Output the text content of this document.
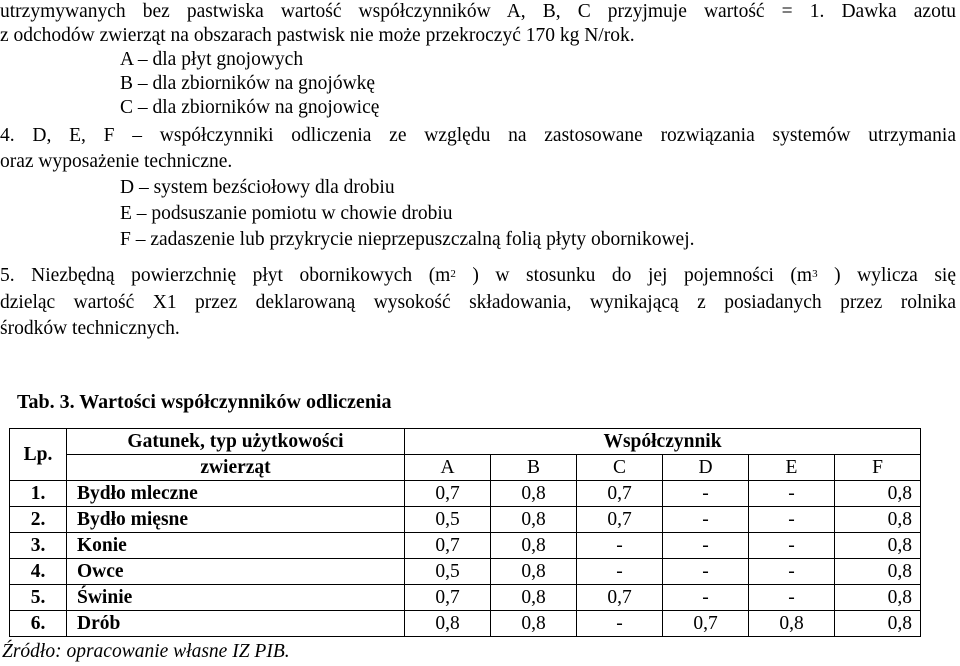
utrzymywanych bez pastwiska wartość współczynników A, B, C przyjmuje wartość = 1. Dawka azotu
z odchodów zwierząt na obszarach pastwisk nie może przekroczyć 170 kg N/rok.
A – dla płyt gnojowych
B – dla zbiorników na gnojówkę
C – dla zbiorników na gnojowicę
4. D, E, F – współczynniki odliczenia ze względu na zastosowane rozwiązania systemów utrzymania
oraz wyposażenie techniczne.
D – system bezściołowy dla drobiu
E – podsuszanie pomiotu w chowie drobiu
F – zadaszenie lub przykrycie nieprzepuszczalną folią płyty obornikowej.
5. Niezbędną powierzchnię płyt obornikowych ($m^2$ ) w stosunku do jej pojemności ($m^3$ ) wylicza się
dzieląc wartość X1 przez deklarowaną wysokość składowania, wynikającą z posiadanych przez rolnika
środków technicznych.
Tab. 3. Wartości współczynników odliczenia
Lp.	Gatunek, typ użytkowości	Współczynnik					
	zwierząt	A	B	C	D	E	F
1.	Bydło mleczne	0,7	0,8	0,7	-	-	0,8
2.	Bydło mięsne	0,5	0,8	0,7	-	-	0,8
3.	Konie	0,7	0,8	-	-	-	0,8
4.	Owce	0,5	0,8	-	-	-	0,8
5.	Świnie	0,7	0,8	0,7	-	-	0,8
6.	Drób	0,8	0,8	-	0,7	0,8	0,8
Źródło: opracowanie własne IZ PIB.
